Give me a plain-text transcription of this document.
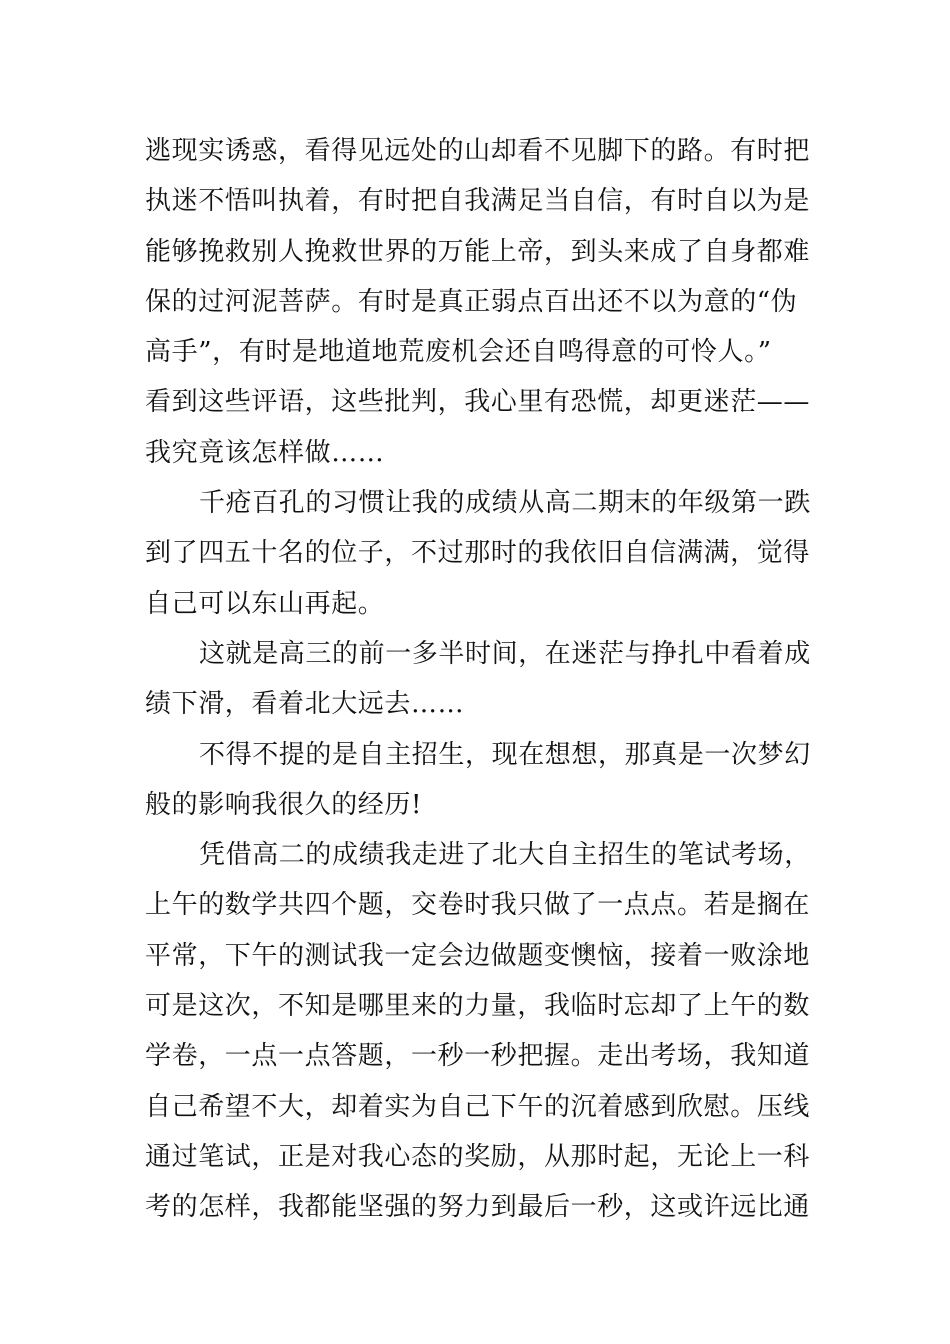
逃现实诱惑，看得见远处的山却看不见脚下的路。有时把
执迷不悟叫执着，有时把自我满足当自信，有时自以为是
能够挽救别人挽救世界的万能上帝，到头来成了自身都难
保的过河泥菩萨。有时是真正弱点百出还不以为意的“伪
高手”，有时是地道地荒废机会还自鸣得意的可怜人。”
看到这些评语，这些批判，我心里有恐慌，却更迷茫——
我究竟该怎样做……
千疮百孔的习惯让我的成绩从高二期末的年级第一跌
到了四五十名的位子，不过那时的我依旧自信满满，觉得
自己可以东山再起。
这就是高三的前一多半时间，在迷茫与挣扎中看着成
绩下滑，看着北大远去……
不得不提的是自主招生，现在想想，那真是一次梦幻
般的影响我很久的经历!
凭借高二的成绩我走进了北大自主招生的笔试考场，
上午的数学共四个题，交卷时我只做了一点点。若是搁在
平常，下午的测试我一定会边做题变懊恼，接着一败涂地
可是这次，不知是哪里来的力量，我临时忘却了上午的数
学卷，一点一点答题，一秒一秒把握。走出考场，我知道
自己希望不大，却着实为自己下午的沉着感到欣慰。压线
通过笔试，正是对我心态的奖励，从那时起，无论上一科
考的怎样，我都能坚强的努力到最后一秒，这或许远比通
